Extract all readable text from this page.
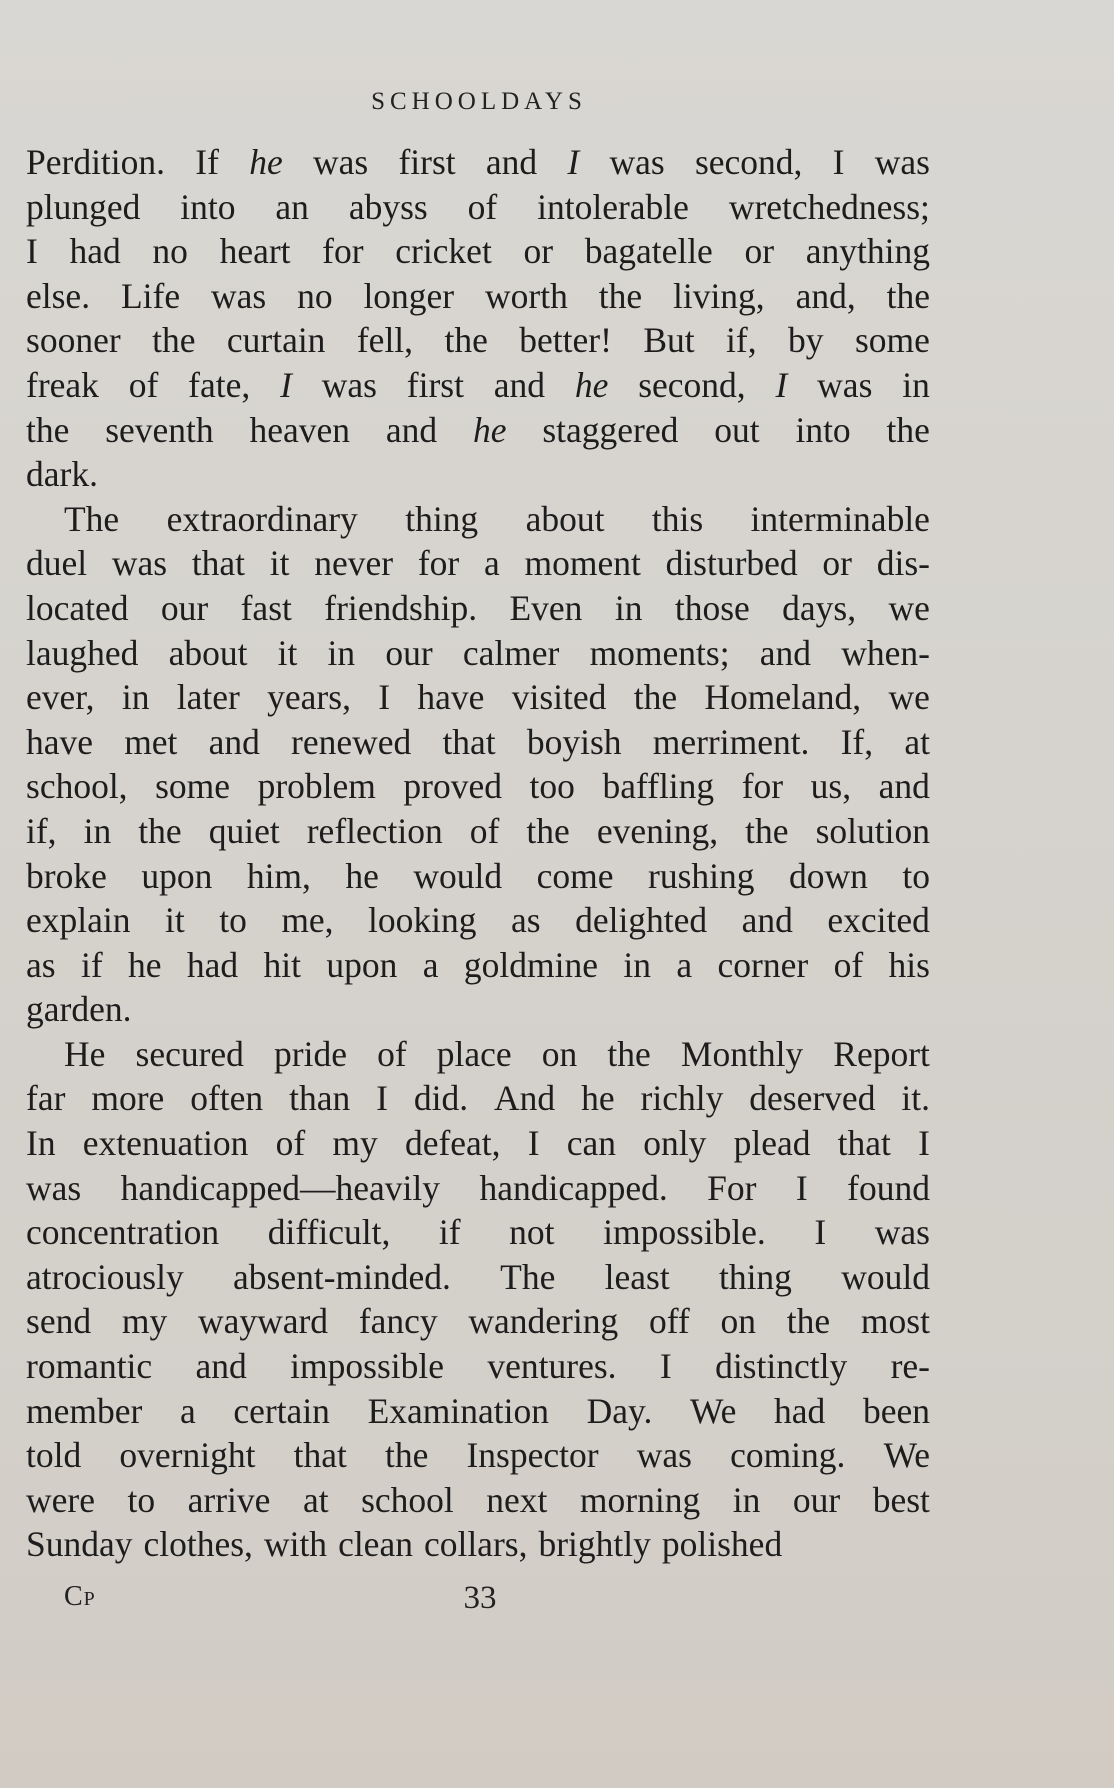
SCHOOLDAYS
Perdition. If he was first and I was second, I was
plunged into an abyss of intolerable wretchedness;
I had no heart for cricket or bagatelle or anything
else. Life was no longer worth the living, and, the
sooner the curtain fell, the better! But if, by some
freak of fate, I was first and he second, I was in
the seventh heaven and he staggered out into the
dark.
The extraordinary thing about this interminable
duel was that it never for a moment disturbed or dis-
located our fast friendship. Even in those days, we
laughed about it in our calmer moments; and when-
ever, in later years, I have visited the Homeland, we
have met and renewed that boyish merriment. If, at
school, some problem proved too baffling for us, and
if, in the quiet reflection of the evening, the solution
broke upon him, he would come rushing down to
explain it to me, looking as delighted and excited
as if he had hit upon a goldmine in a corner of his
garden.
He secured pride of place on the Monthly Report
far more often than I did. And he richly deserved it.
In extenuation of my defeat, I can only plead that I
was handicapped—heavily handicapped. For I found
concentration difficult, if not impossible. I was
atrociously absent-minded. The least thing would
send my wayward fancy wandering off on the most
romantic and impossible ventures. I distinctly re-
member a certain Examination Day. We had been
told overnight that the Inspector was coming. We
were to arrive at school next morning in our best
Sunday clothes, with clean collars, brightly polished
Cp	33
